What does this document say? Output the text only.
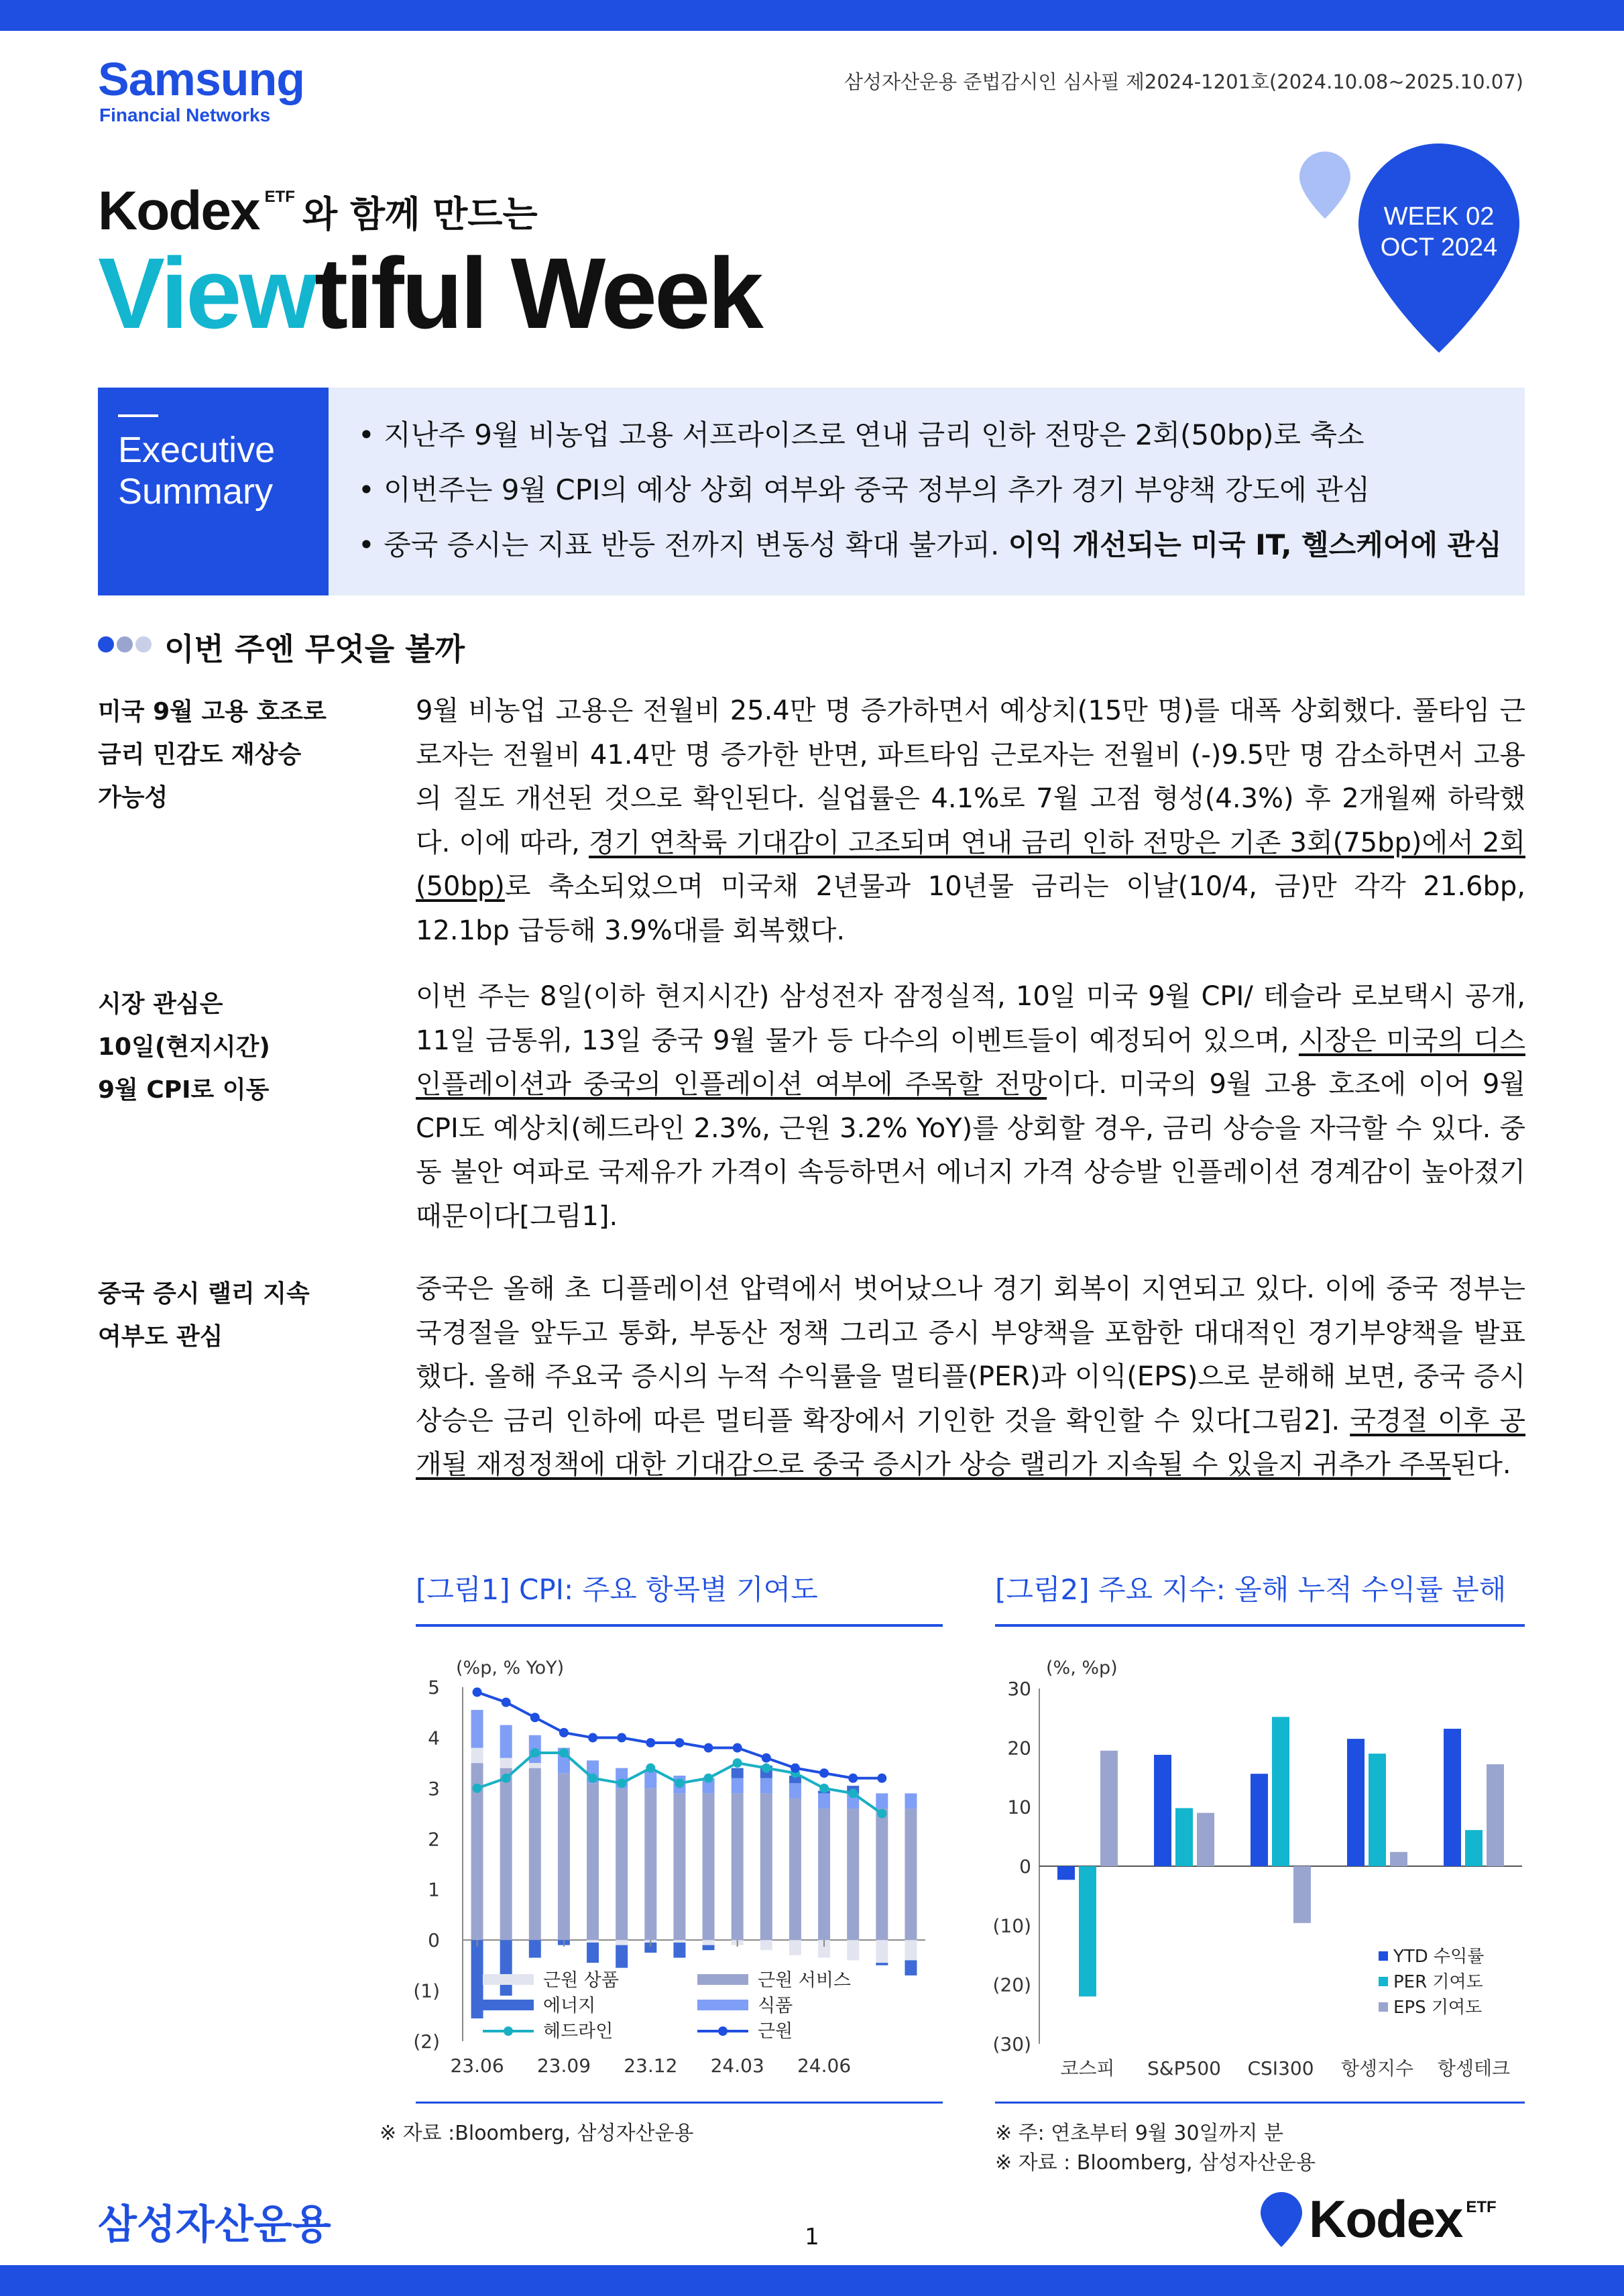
Samsung
Financial Networks
삼성자산운용 준법감시인 심사필 제2024-1201호(2024.10.08~2025.10.07)
Kodex ETF 와 함께 만드는
Viewtiful Week
WEEK 02
OCT 2024
Executive
Summary
• 지난주 9월 비농업 고용 서프라이즈로 연내 금리 인하 전망은 2회(50bp)로 축소
• 이번주는 9월 CPI의 예상 상회 여부와 중국 정부의 추가 경기 부양책 강도에 관심
• 중국 증시는 지표 반등 전까지 변동성 확대 불가피. 이익 개선되는 미국 IT, 헬스케어에 관심
이번 주엔 무엇을 볼까
미국 9월 고용 호조로
금리 민감도 재상승
가능성
9월 비농업 고용은 전월비 25.4만 명 증가하면서 예상치(15만 명)를 대폭 상회했다. 풀타임 근로자는 전월비 41.4만 명 증가한 반면, 파트타임 근로자는 전월비 (-)9.5만 명 감소하면서 고용의 질도 개선된 것으로 확인된다. 실업률은 4.1%로 7월 고점 형성(4.3%) 후 2개월째 하락했다. 이에 따라, 경기 연착륙 기대감이 고조되며 연내 금리 인하 전망은 기존 3회(75bp)에서 2회(50bp)로 축소되었으며 미국채 2년물과 10년물 금리는 이날(10/4, 금)만 각각 21.6bp, 12.1bp 급등해 3.9%대를 회복했다.
시장 관심은
10일(현지시간)
9월 CPI로 이동
이번 주는 8일(이하 현지시간) 삼성전자 잠정실적, 10일 미국 9월 CPI/ 테슬라 로보택시 공개, 11일 금통위, 13일 중국 9월 물가 등 다수의 이벤트들이 예정되어 있으며, 시장은 미국의 디스인플레이션과 중국의 인플레이션 여부에 주목할 전망이다. 미국의 9월 고용 호조에 이어 9월 CPI도 예상치(헤드라인 2.3%, 근원 3.2% YoY)를 상회할 경우, 금리 상승을 자극할 수 있다. 중동 불안 여파로 국제유가 가격이 속등하면서 에너지 가격 상승발 인플레이션 경계감이 높아졌기 때문이다[그림1].
중국 증시 랠리 지속
여부도 관심
중국은 올해 초 디플레이션 압력에서 벗어났으나 경기 회복이 지연되고 있다. 이에 중국 정부는 국경절을 앞두고 통화, 부동산 정책 그리고 증시 부양책을 포함한 대대적인 경기부양책을 발표했다. 올해 주요국 증시의 누적 수익률을 멀티플(PER)과 이익(EPS)으로 분해해 보면, 중국 증시 상승은 금리 인하에 따른 멀티플 확장에서 기인한 것을 확인할 수 있다[그림2]. 국경절 이후 공개될 재정정책에 대한 기대감으로 중국 증시가 상승 랠리가 지속될 수 있을지 귀추가 주목된다.
[그림1] CPI: 주요 항목별 기여도
(%p, % YoY)
5
4
3
2
1
0
(1)
(2)
23.06 23.09 23.12 24.03 24.06
근원 서비스
근원 상품
식품
에너지
헤드라인	근원
※ 자료 :Bloomberg, 삼성자산운용
[그림2] 주요 지수: 올해 누적 수익률 분해
(%, %p)
30
20
10
0
(10)
(20)
(30)
코스피 S&P500 CSI300 항셍지수 항셍테크
YTD 수익률
PER 기여도
EPS 기여도
※ 주: 연초부터 9월 30일까지 분
※ 자료 : Bloomberg, 삼성자산운용
삼성자산운용	1	Kodex ETF
